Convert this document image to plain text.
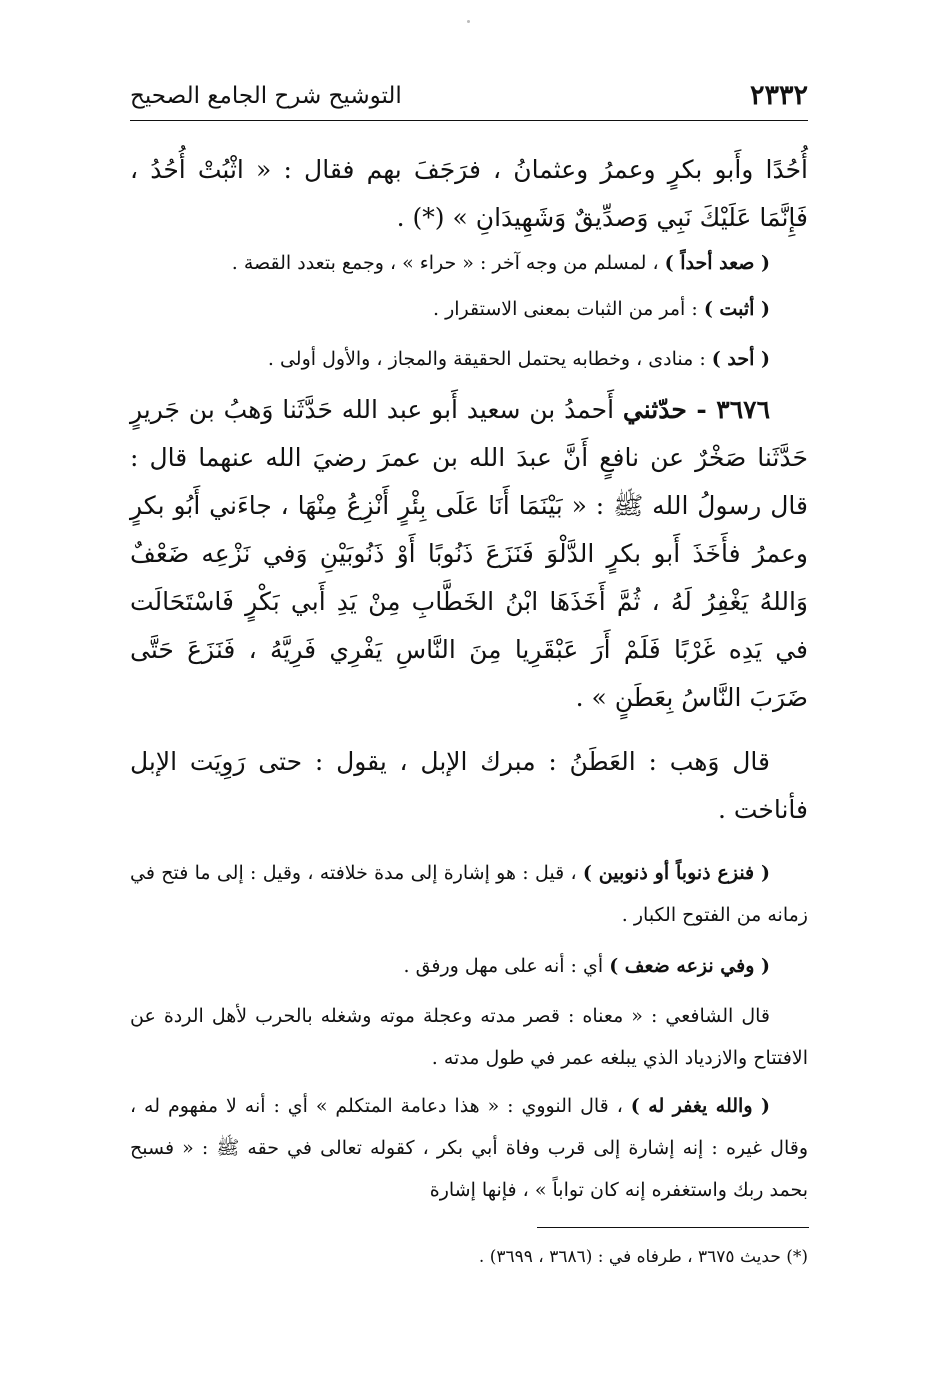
٢٣٣٢
التوشيح شرح الجامع الصحيح

أُحُدًا وأَبو بكرٍ وعمرُ وعثمانُ ، فرَجَفَ بهم فقال : « اثْبُتْ أُحُدُ ، فَإِنَّمَا عَلَيْكَ نَبِي وَصدِّيقٌ وَشَهِيدَانِ » (*) .

( صعد أحداً ) ، لمسلم من وجه آخر : « حراء » ، وجمع بتعدد القصة .

( أثبت ) : أمر من الثبات بمعنى الاستقرار .

( أحد ) : منادى ، وخطابه يحتمل الحقيقة والمجاز ، والأول أولى .

٣٦٧٦ - حدّثني أَحمدُ بن سعيد أَبو عبد الله حَدَّثَنا وَهبُ بن جَريرٍ حَدَّثَنا صَخْرٌ عن نافعٍ أَنَّ عبدَ الله بن عمرَ رضيَ الله عنهما قال : قال رسولُ الله ﷺ : « بَيْنَمَا أَنَا عَلَى بِئْرٍ أَنْزِعُ مِنْهَا ، جاءَني أَبُو بكرٍ وعمرُ فأَخَذَ أَبو بكرٍ الدَّلْوَ فَنَزَعَ ذَنُوبًا أَوْ ذَنُوبَيْنِ وَفي نَزْعِه ضَعْفٌ وَاللهُ يَغْفِرُ لَهُ ، ثُمَّ أَخَذَهَا ابْنُ الخَطَّابِ مِنْ يَدِ أَبي بَكْرٍ فَاسْتَحَالَت في يَدِه غَرْبًا فَلَمْ أَرَ عَبْقَرِيا مِنَ النَّاسِ يَفْرِي فَرِيَّهُ ، فَنَزَعَ حَتَّى ضَرَبَ النَّاسُ بِعَطَنٍ » .

قال وَهب : العَطَنُ : مبرك الإبل ، يقول : حتى رَوِيَت الإبل فأناخت .

( فنزع ذنوباً أو ذنوبين ) ، قيل : هو إشارة إلى مدة خلافته ، وقيل : إلى ما فتح في زمانه من الفتوح الكبار .

( وفي نزعه ضعف ) أي : أنه على مهل ورفق .

قال الشافعي : « معناه : قصر مدته وعجلة موته وشغله بالحرب لأهل الردة عن الافتتاح والازدياد الذي يبلغه عمر في طول مدته .

( والله يغفر له ) ، قال النووي : « هذا دعامة المتكلم » أي : أنه لا مفهوم له ، وقال غيره : إنه إشارة إلى قرب وفاة أبي بكر ، كقوله تعالى في حقه ﷺ : « فسبح بحمد ربك واستغفره إنه كان تواباً » ، فإنها إشارة

(*) حديث ٣٦٧٥ ، طرفاه في : (٣٦٨٦ ، ٣٦٩٩) .
